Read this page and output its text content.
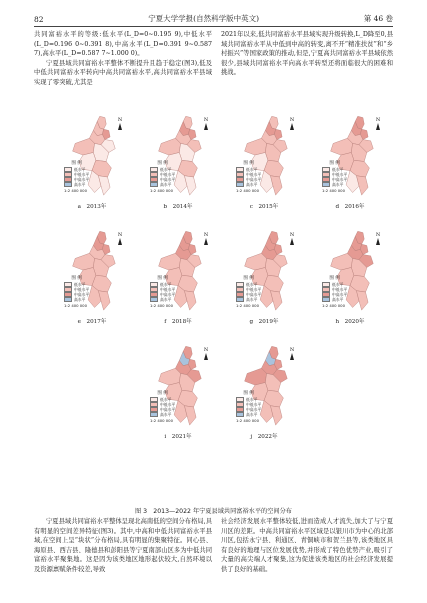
82	宁夏大学学报(自然科学版中英文)	第 46 卷

共同富裕水平的等级:低水平(L_D=0~0.195 9),中低水平(L_D=0.196 0~0.391 8),中高水平(L_D=0.391 9~0.587 7),高水平(L_D=0.587 7~1.000 0)。

宁夏县域共同富裕水平整体不断提升且趋于稳定(图3),低及中低共同富裕水平转向中高共同富裕水平,高共同富裕水平县域实现了零突破,尤其是

2021年以来,低共同富裕水平县域实现升级转换,L_D降至0,县域共同富裕水平从中低到中高的转变,离不开“精准扶贫”和“乡村振兴”等国家政策的推动,但是,宁夏高共同富裕水平县域依然很少,县域共同富裕水平向高水平转型还将面临很大的困难和挑战。

图 3　2013—2022 年宁夏县域共同富裕水平的空间分布

宁夏县域共同富裕水平整体呈现北高南低的空间分布格局,具有明显的空间差异特征(图3)。其中,中高和中低共同富裕水平县域,在空间上呈“块状”分布格局,具有明显的集聚特征。同心县、海原县、西吉县、隆德县和彭阳县等宁夏南部山区多为中低共同富裕水平聚集地。这是因为该类地区地形起伏较大,自然环境以及资源禀赋条件较差,导致

社会经济发展水平整体较低,进而造成人才流失,加大了与宁夏川区的差距。中高共同富裕水平区域是以银川市为中心的北部川区,包括永宁县、利通区、青铜峡市和贺兰县等,该类地区具有良好的地理与区位发展优势,并形成了特色优势产业,吸引了大量的高尖端人才聚集,这为促进该类地区的社会经济发展提供了良好的基础。

N
图 例
低水平
中低水平
中高水平
高水平
1:2 400 000
a　2013年
N
图 例
低水平
中低水平
中高水平
高水平
1:2 400 000
b　2014年
N
图 例
低水平
中低水平
中高水平
高水平
1:2 400 000
c　2015年
N
图 例
低水平
中低水平
中高水平
高水平
1:2 400 000
d　2016年
N
图 例
低水平
中低水平
中高水平
高水平
1:2 400 000
e　2017年
N
图 例
低水平
中低水平
中高水平
高水平
1:2 400 000
f　2018年
N
图 例
低水平
中低水平
中高水平
高水平
1:2 400 000
g　2019年
N
图 例
低水平
中低水平
中高水平
高水平
1:2 400 000
h　2020年
N
图 例
低水平
中低水平
中高水平
高水平
1:2 400 000
i　2021年
N
图 例
低水平
中低水平
中高水平
高水平
1:2 400 000
j　2022年
